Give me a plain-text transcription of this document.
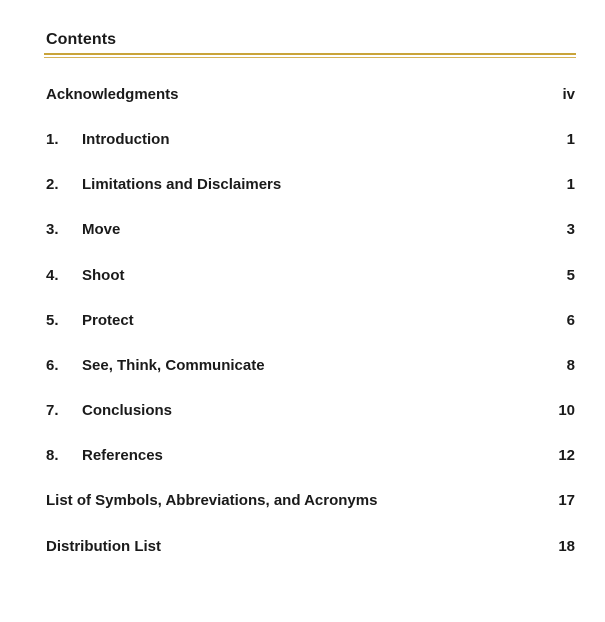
Contents
Acknowledgments	iv
1. Introduction	1
2. Limitations and Disclaimers	1
3. Move	3
4. Shoot	5
5. Protect	6
6. See, Think, Communicate	8
7. Conclusions	10
8. References	12
List of Symbols, Abbreviations, and Acronyms	17
Distribution List	18
